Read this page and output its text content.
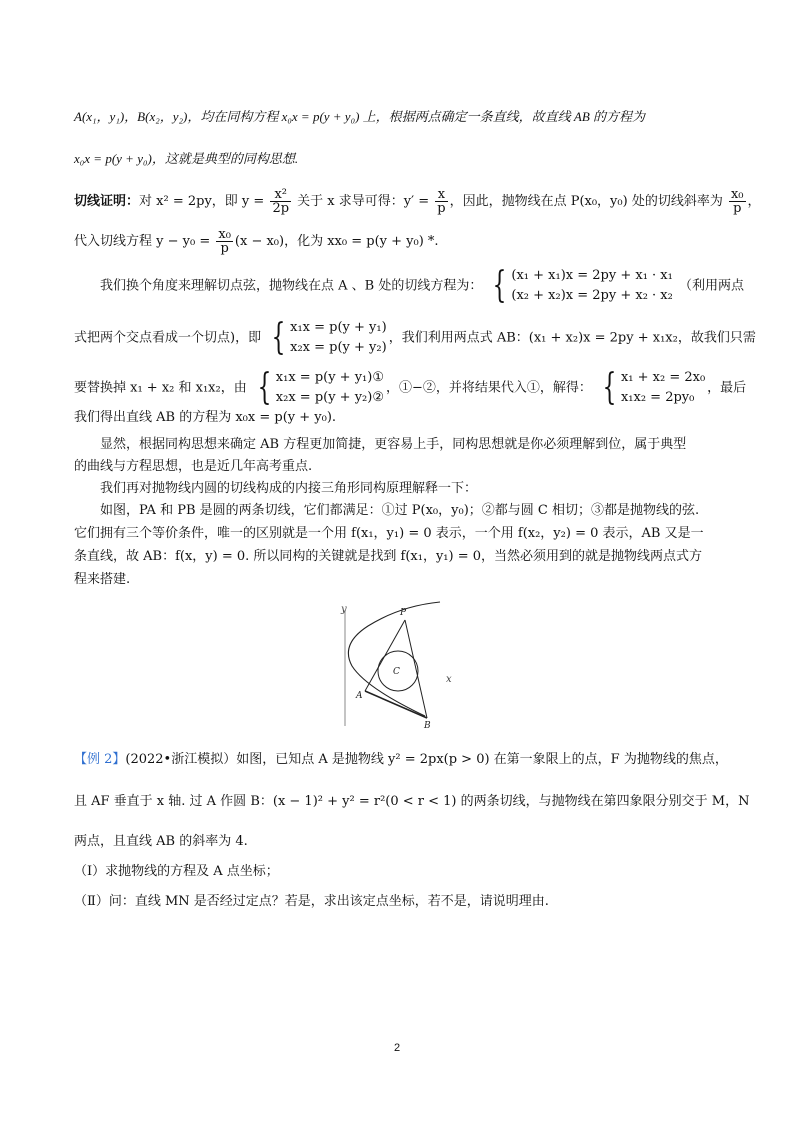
A(x₁，y₁)，B(x₂，y₂)，均在同构方程 x₀x = p(y + y₀) 上，根据两点确定一条直线，故直线 AB 的方程为
x₀x = p(y + y₀)，这就是典型的同构思想.
切线证明：对 x² = 2py，即 $y = \frac{\text{x²}}{2p}$ 关于 x 求导可得：$y' = \frac{x}{p}$ ，因此，抛物线在点 P(x₀，y₀) 处的切线斜率为 $\frac{\text{x₀}}{p}$ ，
代入切线方程 $y - y_0 = \frac{\text{x₀}}{p} (x - x_0)$，化为 xx₀ = p(y + y₀) *.
我们换个角度来理解切点弦，抛物线在点 A 、B 处的切线方程为： { (x₁ + x₁)x = 2py + x₁ · x₁
(x₂ + x₂)x = 2py + x₂ · x₂
（利用两点
式把两个交点看成一个切点)，即 { x₁x = p(y + y₁)
x₂x = p(y + y₂)
，我们利用两点式 AB：(x₁ + x₂)x = 2py + x₁x₂，故我们只需
要替换掉 x₁ + x₂ 和 x₁x₂，由 { x₁x = p(y + y₁)①
x₂x = p(y + y₂)②
，①−②，并将结果代入①，解得： { x₁ + x₂ = 2x₀
x₁x₂ = 2py₀
，最后
我们得出直线 AB 的方程为 x₀x = p(y + y₀).
显然，根据同构思想来确定 AB 方程更加简捷，更容易上手，同构思想就是你必须理解到位，属于典型
的曲线与方程思想，也是近几年高考重点.
我们再对抛物线内圆的切线构成的内接三角形同构原理解释一下：
如图，PA 和 PB 是圆的两条切线，它们都满足：①过 P(x₀，y₀)；②都与圆 C 相切；③都是抛物线的弦.
它们拥有三个等价条件，唯一的区别就是一个用 f(x₁，y₁) = 0 表示，一个用 f(x₂，y₂) = 0 表示，AB 又是一
条直线，故 AB：f(x，y) = 0. 所以同构的关键就是找到 f(x₁，y₁) = 0，当然必须用到的就是抛物线两点式方
程来搭建.
y
x
P
A
B
C
【例 2】(2022•浙江模拟）如图，已知点 A 是抛物线 y² = 2px(p > 0) 在第一象限上的点，F 为抛物线的焦点，
且 AF 垂直于 x 轴. 过 A 作圆 B：(x − 1)² + y² = r²(0 < r < 1) 的两条切线，与抛物线在第四象限分别交于 M，N
两点，且直线 AB 的斜率为 4.
（Ⅰ）求抛物线的方程及 A 点坐标；
（Ⅱ）问：直线 MN 是否经过定点？若是，求出该定点坐标，若不是，请说明理由.
2
